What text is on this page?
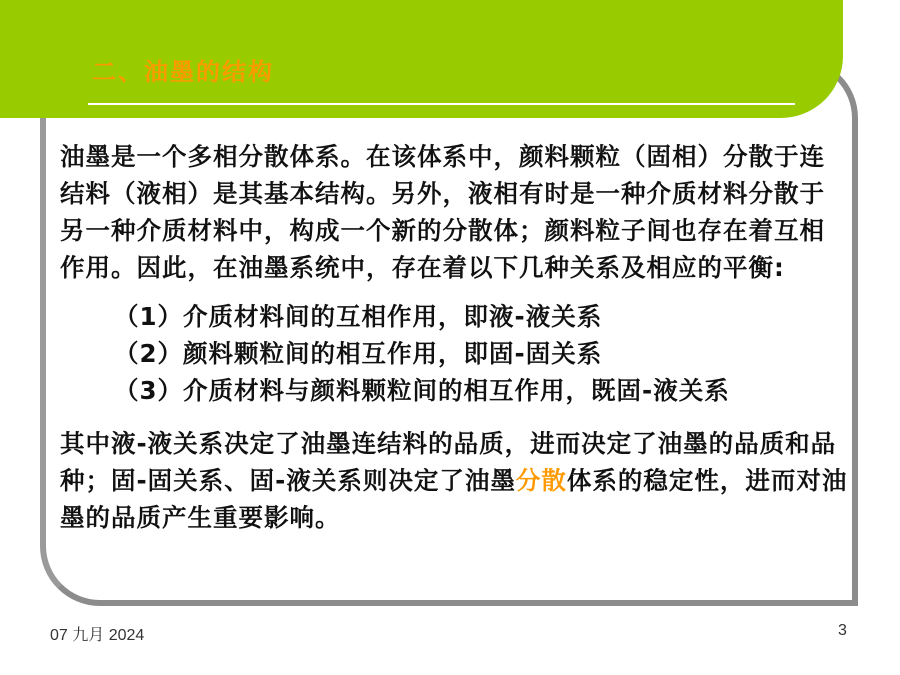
二、油墨的结构

油墨是一个多相分散体系。在该体系中，颜料颗粒（固相）分散于连结料（液相）是其基本结构。另外，液相有时是一种介质材料分散于另一种介质材料中，构成一个新的分散体；颜料粒子间也存在着互相作用。因此，在油墨系统中，存在着以下几种关系及相应的平衡:

（1）介质材料间的互相作用，即液-液关系
（2）颜料颗粒间的相互作用，即固-固关系
（3）介质材料与颜料颗粒间的相互作用，既固-液关系

其中液-液关系决定了油墨连结料的品质，进而决定了油墨的品质和品种；固-固关系、固-液关系则决定了油墨分散体系的稳定性，进而对油墨的品质产生重要影响。

07 九月 2024	3
